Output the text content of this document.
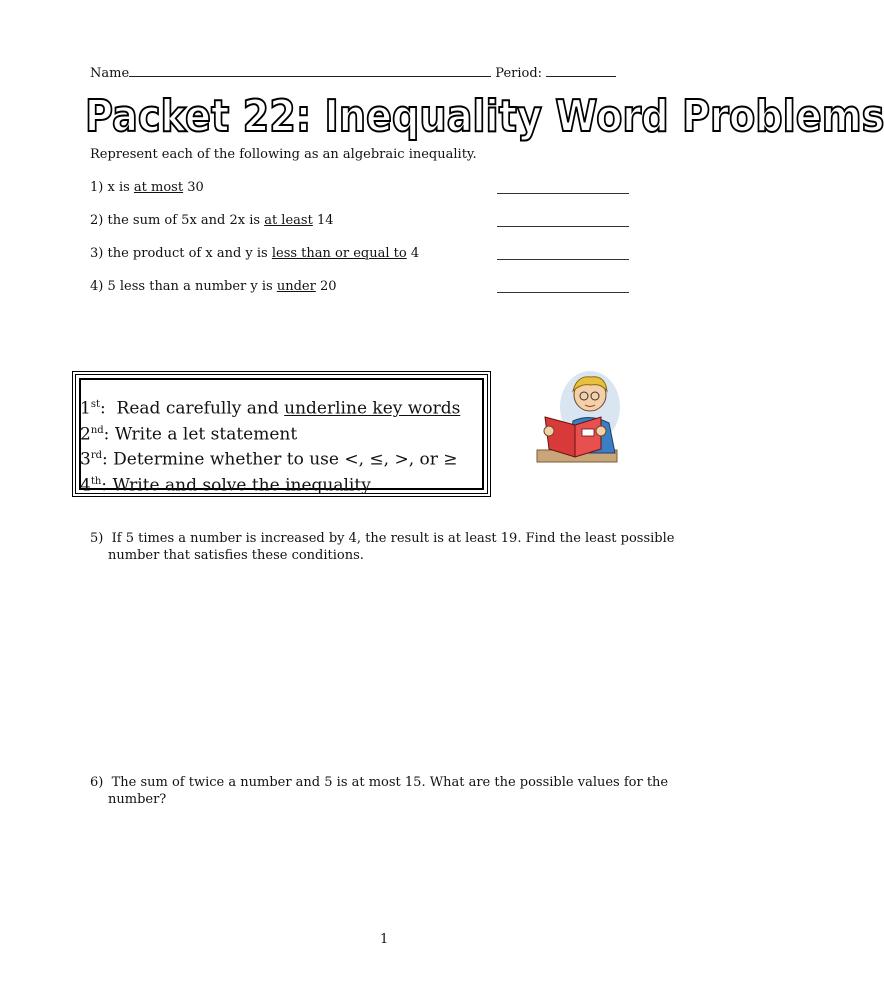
Name	Period:
Packet 22: Inequality Word Problems
Represent each of the following as an algebraic inequality.
1) x is at most 30
2) the sum of 5x and 2x is at least 14
3) the product of x and y is less than or equal to 4
4) 5 less than a number y is under 20
1st:  Read carefully and underline key words
2nd: Write a let statement
3rd: Determine whether to use <, ≤, >, or ≥
4th: Write and solve the inequality
5) If 5 times a number is increased by 4, the result is at least 19. Find the least possible
number that satisfies these conditions.
6) The sum of twice a number and 5 is at most 15. What are the possible values for the
number?
1
